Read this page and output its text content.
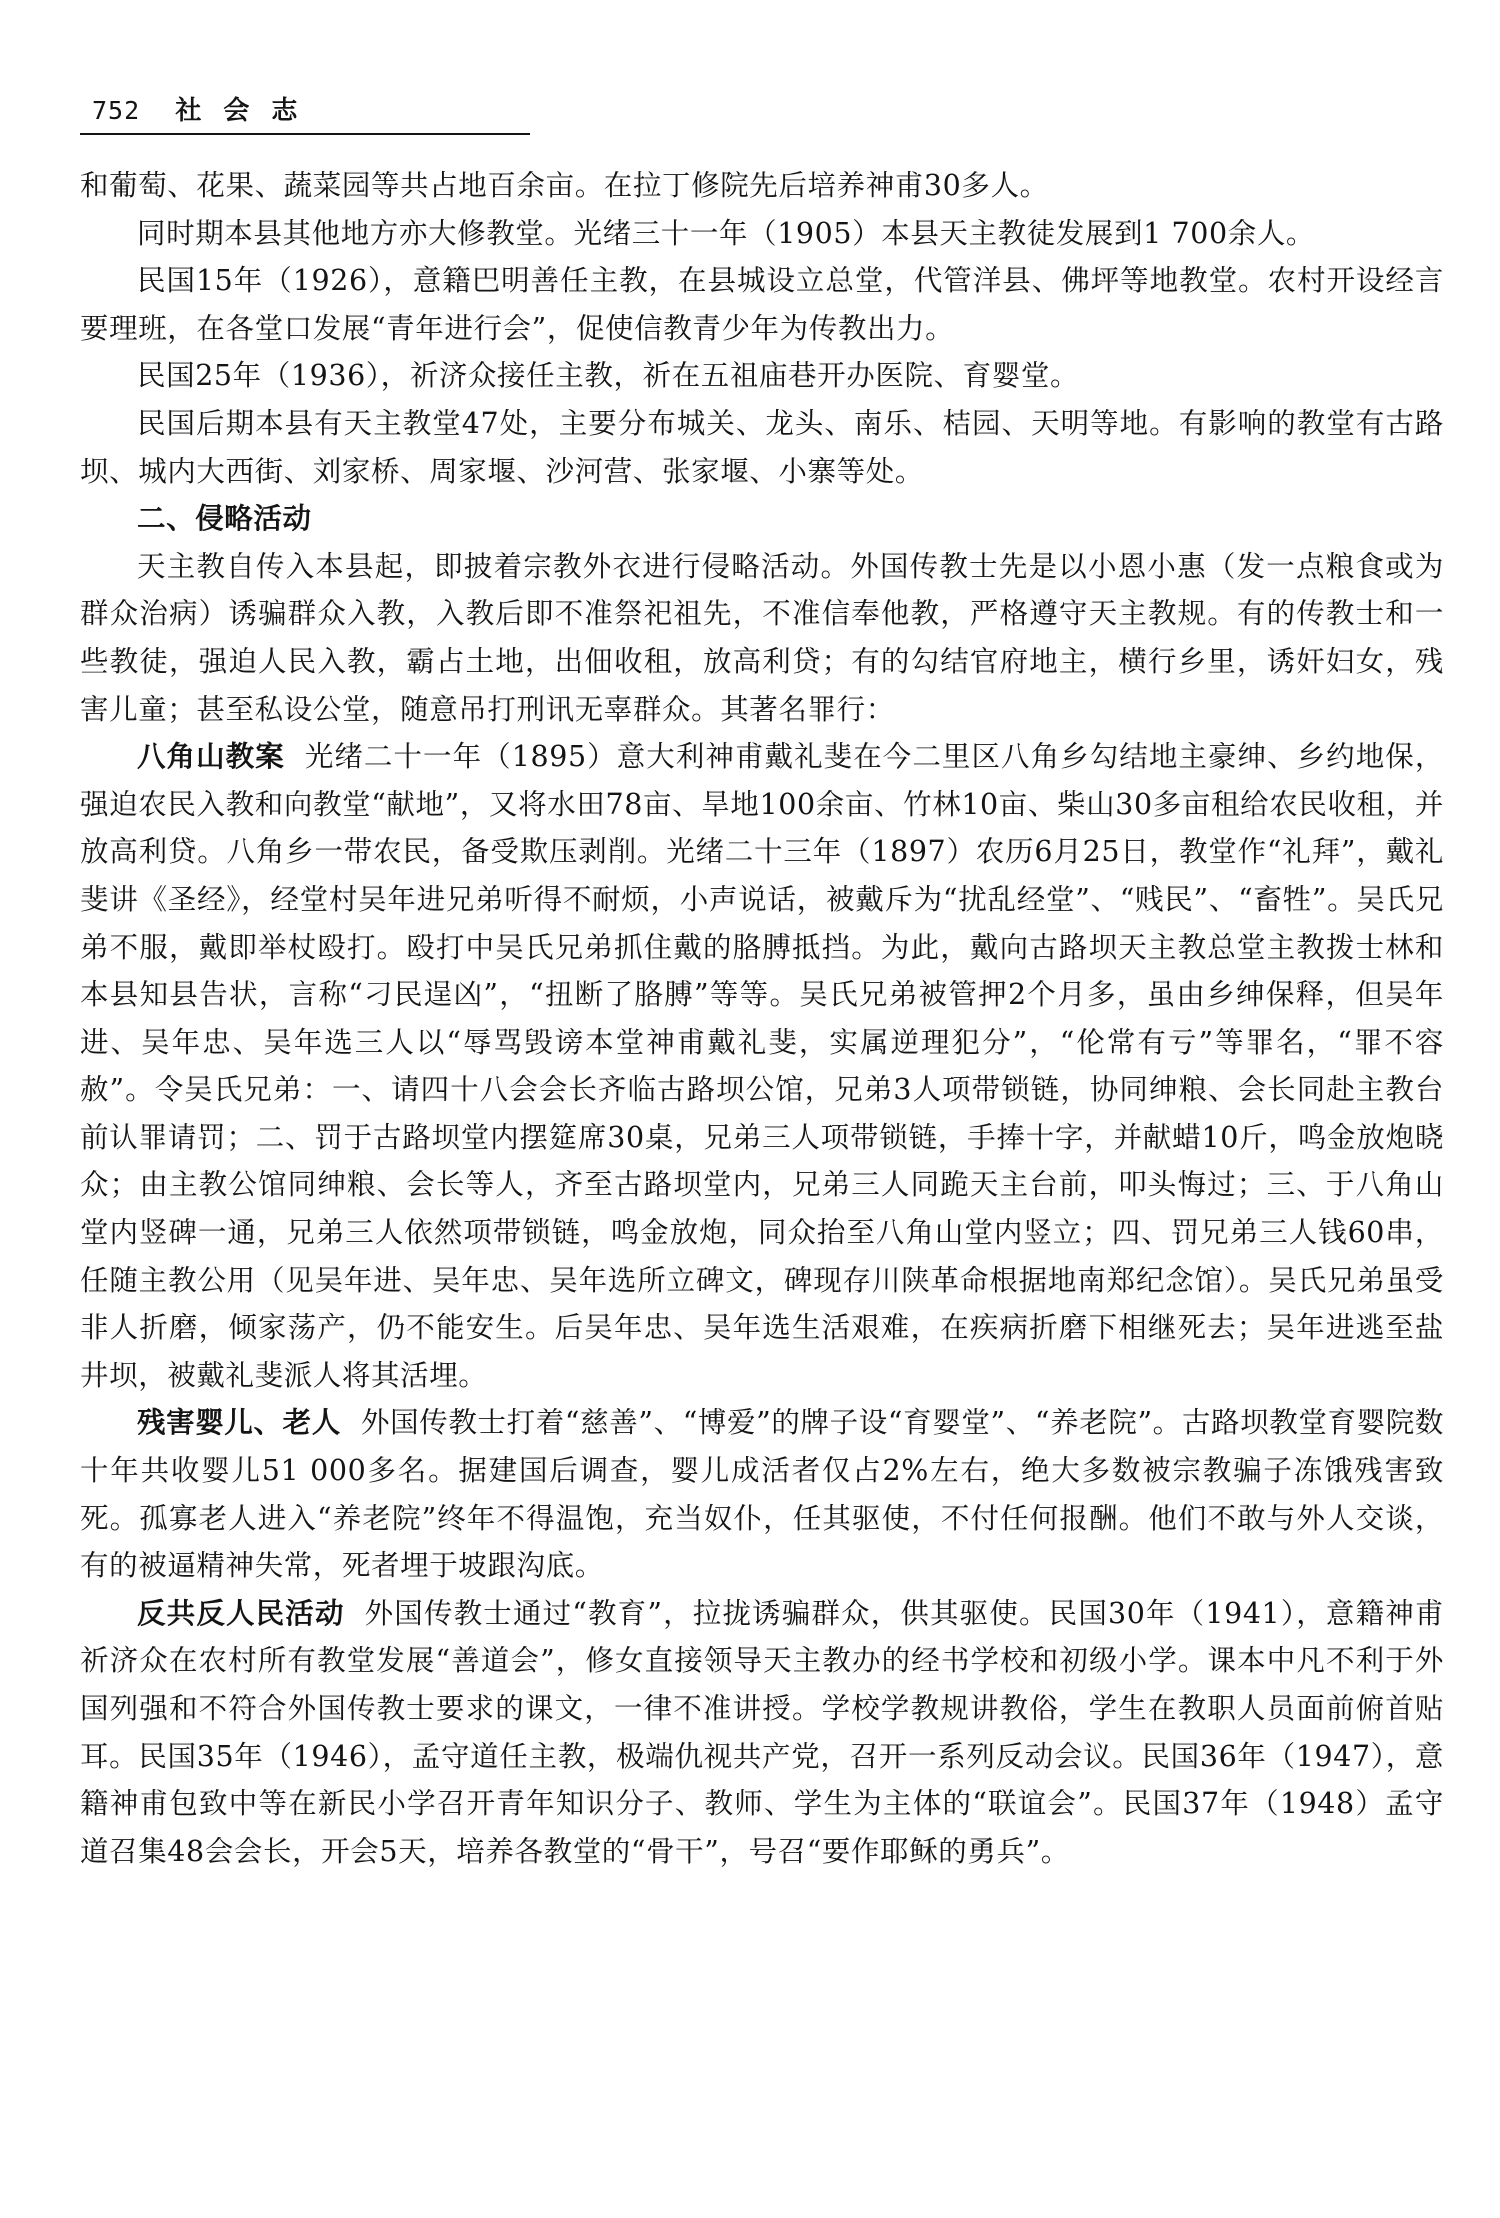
752 社会志

和葡萄、花果、蔬菜园等共占地百余亩。在拉丁修院先后培养神甫30多人。

同时期本县其他地方亦大修教堂。光绪三十一年（1905）本县天主教徒发展到1 700余人。

民国15年（1926），意籍巴明善任主教，在县城设立总堂，代管洋县、佛坪等地教堂。农村开设经言要理班，在各堂口发展“青年进行会”，促使信教青少年为传教出力。

民国25年（1936），祈济众接任主教，祈在五祖庙巷开办医院、育婴堂。

民国后期本县有天主教堂47处，主要分布城关、龙头、南乐、桔园、天明等地。有影响的教堂有古路坝、城内大西街、刘家桥、周家堰、沙河营、张家堰、小寨等处。

二、侵略活动

天主教自传入本县起，即披着宗教外衣进行侵略活动。外国传教士先是以小恩小惠（发一点粮食或为群众治病）诱骗群众入教，入教后即不准祭祀祖先，不准信奉他教，严格遵守天主教规。有的传教士和一些教徒，强迫人民入教，霸占土地，出佃收租，放高利贷；有的勾结官府地主，横行乡里，诱奸妇女，残害儿童；甚至私设公堂，随意吊打刑讯无辜群众。其著名罪行：

八角山教案 光绪二十一年（1895）意大利神甫戴礼斐在今二里区八角乡勾结地主豪绅、乡约地保，强迫农民入教和向教堂“献地”，又将水田78亩、旱地100余亩、竹林10亩、柴山30多亩租给农民收租，并放高利贷。八角乡一带农民，备受欺压剥削。光绪二十三年（1897）农历6月25日，教堂作“礼拜”，戴礼斐讲《圣经》，经堂村吴年进兄弟听得不耐烦，小声说话，被戴斥为“扰乱经堂”、“贱民”、“畜牲”。吴氏兄弟不服，戴即举杖殴打。殴打中吴氏兄弟抓住戴的胳膊抵挡。为此，戴向古路坝天主教总堂主教拨士林和本县知县告状，言称“刁民逞凶”，“扭断了胳膊”等等。吴氏兄弟被管押2个月多，虽由乡绅保释，但吴年进、吴年忠、吴年选三人以“辱骂毁谤本堂神甫戴礼斐，实属逆理犯分”，“伦常有亏”等罪名，“罪不容赦”。令吴氏兄弟：一、请四十八会会长齐临古路坝公馆，兄弟3人项带锁链，协同绅粮、会长同赴主教台前认罪请罚；二、罚于古路坝堂内摆筵席30桌，兄弟三人项带锁链，手捧十字，并献蜡10斤，鸣金放炮晓众；由主教公馆同绅粮、会长等人，齐至古路坝堂内，兄弟三人同跪天主台前，叩头悔过；三、于八角山堂内竖碑一通，兄弟三人依然项带锁链，鸣金放炮，同众抬至八角山堂内竖立；四、罚兄弟三人钱60串，任随主教公用（见吴年进、吴年忠、吴年选所立碑文，碑现存川陕革命根据地南郑纪念馆）。吴氏兄弟虽受非人折磨，倾家荡产，仍不能安生。后吴年忠、吴年选生活艰难，在疾病折磨下相继死去；吴年进逃至盐井坝，被戴礼斐派人将其活埋。

残害婴儿、老人 外国传教士打着“慈善”、“博爱”的牌子设“育婴堂”、“养老院”。古路坝教堂育婴院数十年共收婴儿51 000多名。据建国后调查，婴儿成活者仅占2%左右，绝大多数被宗教骗子冻饿残害致死。孤寡老人进入“养老院”终年不得温饱，充当奴仆，任其驱使，不付任何报酬。他们不敢与外人交谈，有的被逼精神失常，死者埋于坡跟沟底。

反共反人民活动 外国传教士通过“教育”，拉拢诱骗群众，供其驱使。民国30年（1941），意籍神甫祈济众在农村所有教堂发展“善道会”，修女直接领导天主教办的经书学校和初级小学。课本中凡不利于外国列强和不符合外国传教士要求的课文，一律不准讲授。学校学教规讲教俗，学生在教职人员面前俯首贴耳。民国35年（1946），孟守道任主教，极端仇视共产党，召开一系列反动会议。民国36年（1947），意籍神甫包致中等在新民小学召开青年知识分子、教师、学生为主体的“联谊会”。民国37年（1948）孟守道召集48会会长，开会5天，培养各教堂的“骨干”，号召“要作耶稣的勇兵”。
